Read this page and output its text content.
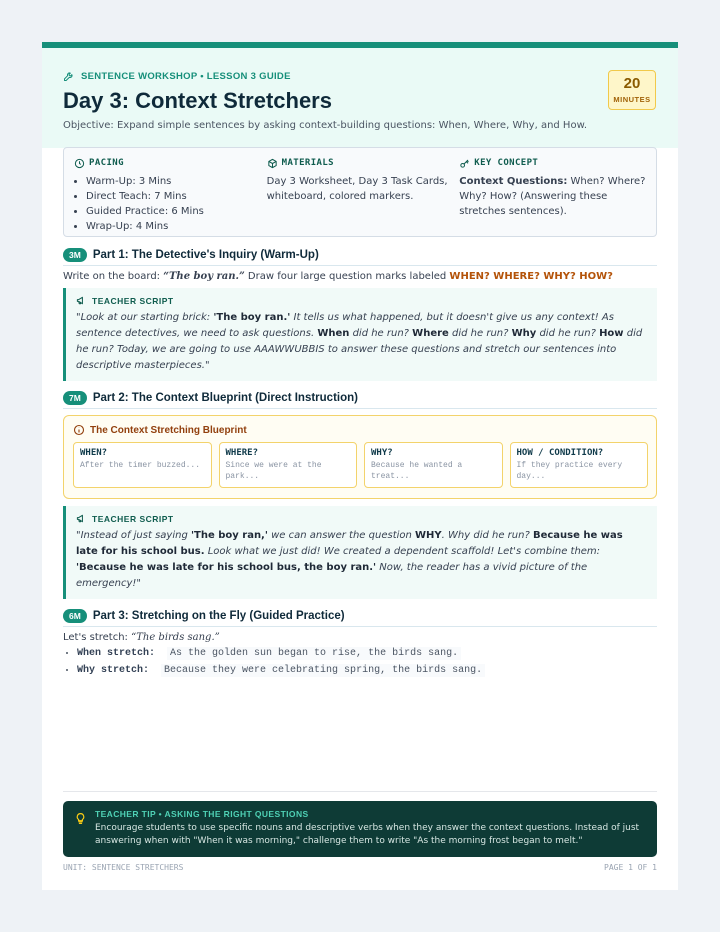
SENTENCE WORKSHOP • LESSON 3 GUIDE
Day 3: Context Stretchers
Objective: Expand simple sentences by asking context-building questions: When, Where, Why, and How.
20
MINUTES
PACING
• Warm-Up: 3 Mins
• Direct Teach: 7 Mins
• Guided Practice: 6 Mins
• Wrap-Up: 4 Mins
MATERIALS
Day 3 Worksheet, Day 3 Task Cards, whiteboard, colored markers.
KEY CONCEPT
Context Questions: When? Where? Why? How? (Answering these stretches sentences).
3M	Part 1: The Detective's Inquiry (Warm-Up)
Write on the board: “The boy ran.” Draw four large question marks labeled WHEN? WHERE? WHY? HOW?
TEACHER SCRIPT

"Look at our starting brick: 'The boy ran.' It tells us what happened, but it doesn't give us any context! As sentence detectives, we need to ask questions. When did he run? Where did he run? Why did he run? How did he run? Today, we are going to use AAAWWUBBIS to answer these questions and stretch our sentences into descriptive masterpieces."

7M	Part 2: The Context Blueprint (Direct Instruction)
The Context Stretching Blueprint
WHEN?
After the timer buzzed...
WHERE?
Since we were at the park...
WHY?
Because he wanted a treat...
HOW / CONDITION?
If they practice every day...
TEACHER SCRIPT

"Instead of just saying 'The boy ran,' we can answer the question WHY. Why did he run? Because he was late for his school bus. Look what we just did! We created a dependent scaffold! Let's combine them: 'Because he was late for his school bus, the boy ran.' Now, the reader has a vivid picture of the emergency!"

6M	Part 3: Stretching on the Fly (Guided Practice)
Let's stretch: “The birds sang.”
• When stretch: As the golden sun began to rise, the birds sang.
• Why stretch: Because they were celebrating spring, the birds sang.
TEACHER TIP • ASKING THE RIGHT QUESTIONS
Encourage students to use specific nouns and descriptive verbs when they answer the context questions. Instead of just answering when with "When it was morning," challenge them to write "As the morning frost began to melt."
UNIT: SENTENCE STRETCHERS	PAGE 1 OF 1
